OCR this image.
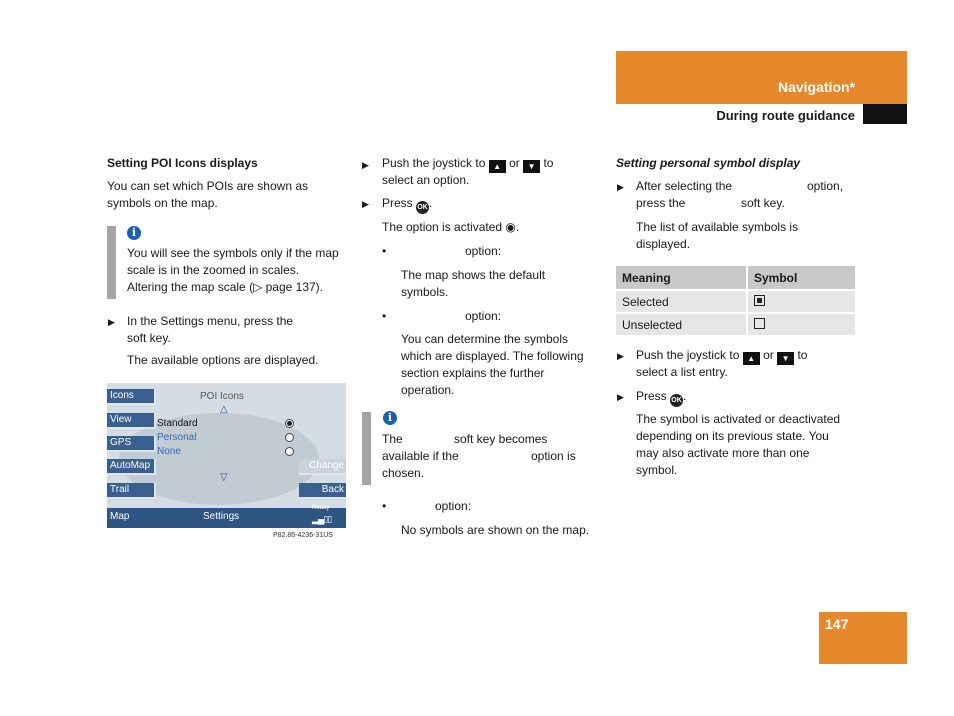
Navigation*
During route guidance
Setting POI Icons displays
You can set which POIs are shown as
symbols on the map.
i
You will see the symbols only if the map
scale is in the zoomed in scales.
Altering the map scale (▷ page 137).
▶ In the Settings menu, press the
soft key.
The available options are displayed.
Icons
View
GPS
AutoMap
Trail
POI Icons
△
Standard
Personal
None
▽
Change
Back
Map	Settings
Ready
▂▄▯▯
P82.86-4236-31US
▶ Push the joystick to ▲ or ▼ to
select an option.
▶ Press OK.
The option is activated ◉.
•	option:
The map shows the default
symbols.
•	option:
You can determine the symbols
which are displayed. The following
section explains the further
operation.
i
The	soft key becomes
available if the	option is
chosen.
•	option:
No symbols are shown on the map.
Setting personal symbol display
▶ After selecting the	option,
press the	soft key.
The list of available symbols is
displayed.
Meaning	Symbol
Selected	
Unselected	
▶ Push the joystick to ▲ or ▼ to
select a list entry.
▶ Press OK.
The symbol is activated or deactivated
depending on its previous state. You
may also activate more than one
symbol.
147
